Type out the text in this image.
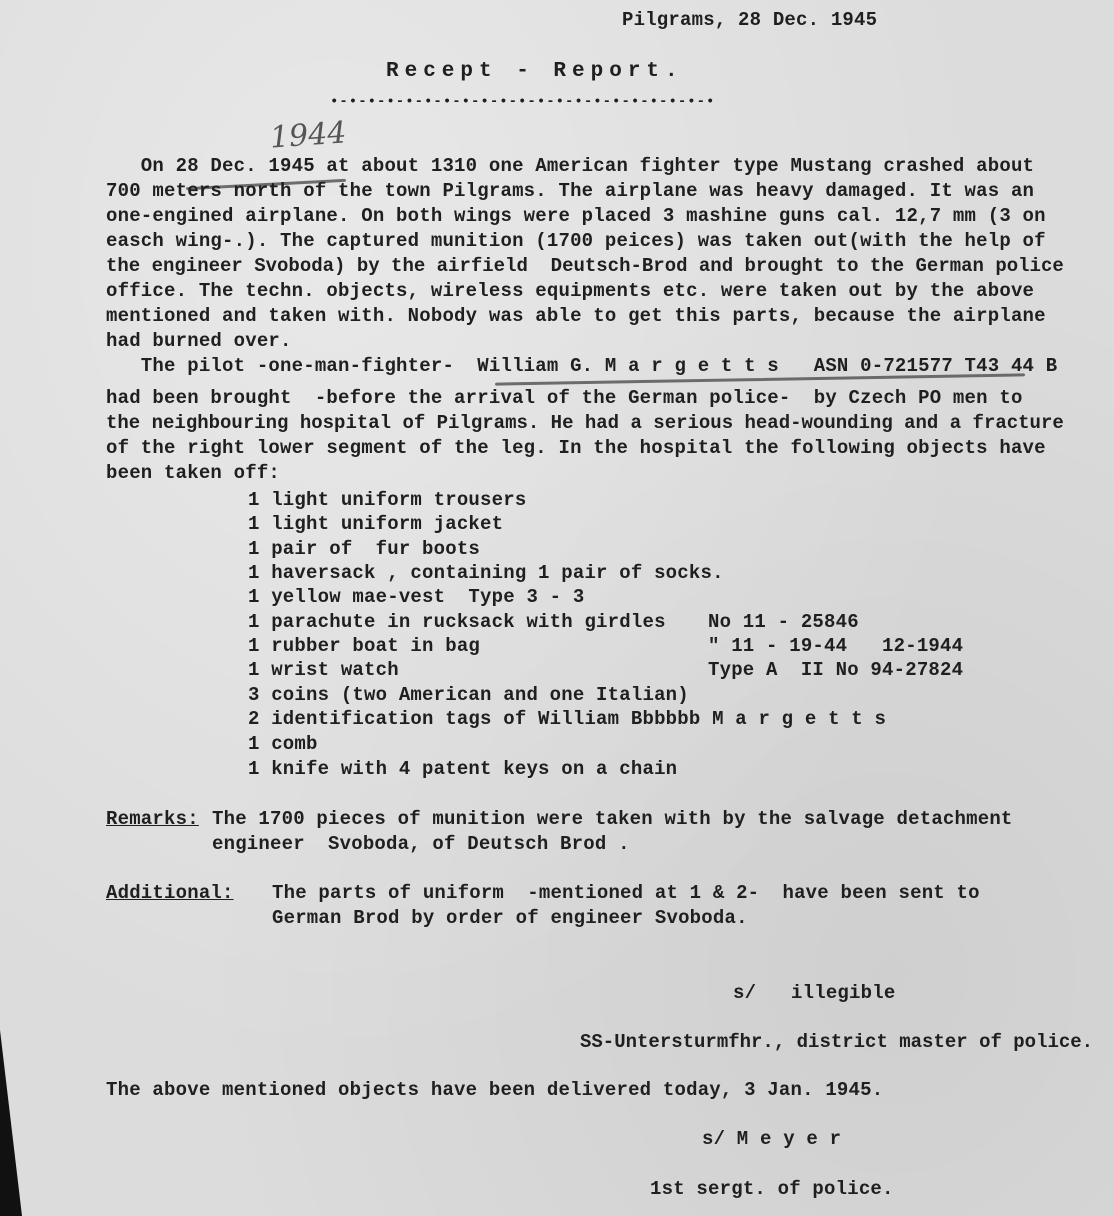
Pilgrams, 28 Dec. 1945
Recept - Report.
•-•-•-•-•-•-•-•-•-•-•-•-•-•-•-•-•-•-•-•-•
1944
On 28 Dec. 1945 at about 1310 one American fighter type Mustang crashed about
700 meters north of the town Pilgrams. The airplane was heavy damaged. It was an
one-engined airplane. On both wings were placed 3 mashine guns cal. 12,7 mm (3 on
easch wing-.). The captured munition (1700 peices) was taken out(with the help of
the engineer Svoboda) by the airfield  Deutsch-Brod and brought to the German police
office. The techn. objects, wireless equipments etc. were taken out by the above
mentioned and taken with. Nobody was able to get this parts, because the airplane
had burned over.
The pilot -one-man-fighter-  William G. M a r g e t t s   ASN 0-721577 T43 44 B
had been brought  -before the arrival of the German police-  by Czech PO men to
the neighbouring hospital of Pilgrams. He had a serious head-wounding and a fracture
of the right lower segment of the leg. In the hospital the following objects have
been taken off:
1 light uniform trousers
1 light uniform jacket
1 pair of  fur boots
1 haversack , containing 1 pair of socks.
1 yellow mae-vest  Type 3 - 3
1 parachute in rucksack with girdles No 11 - 25846
1 rubber boat in bag	" 11 - 19-44   12-1944
1 wrist watch	Type A  II No 94-27824
3 coins (two American and one Italian)
2 identification tags of William Bbbbbb M a r g e t t s
1 comb
1 knife with 4 patent keys on a chain
Remarks: The 1700 pieces of munition were taken with by the salvage detachment
engineer  Svoboda, of Deutsch Brod .
Additional: The parts of uniform  -mentioned at 1 & 2-  have been sent to
German Brod by order of engineer Svoboda.
s/   illegible
SS-Untersturmfhr., district master of police.
The above mentioned objects have been delivered today, 3 Jan. 1945.
s/ M e y e r
1st sergt. of police.
